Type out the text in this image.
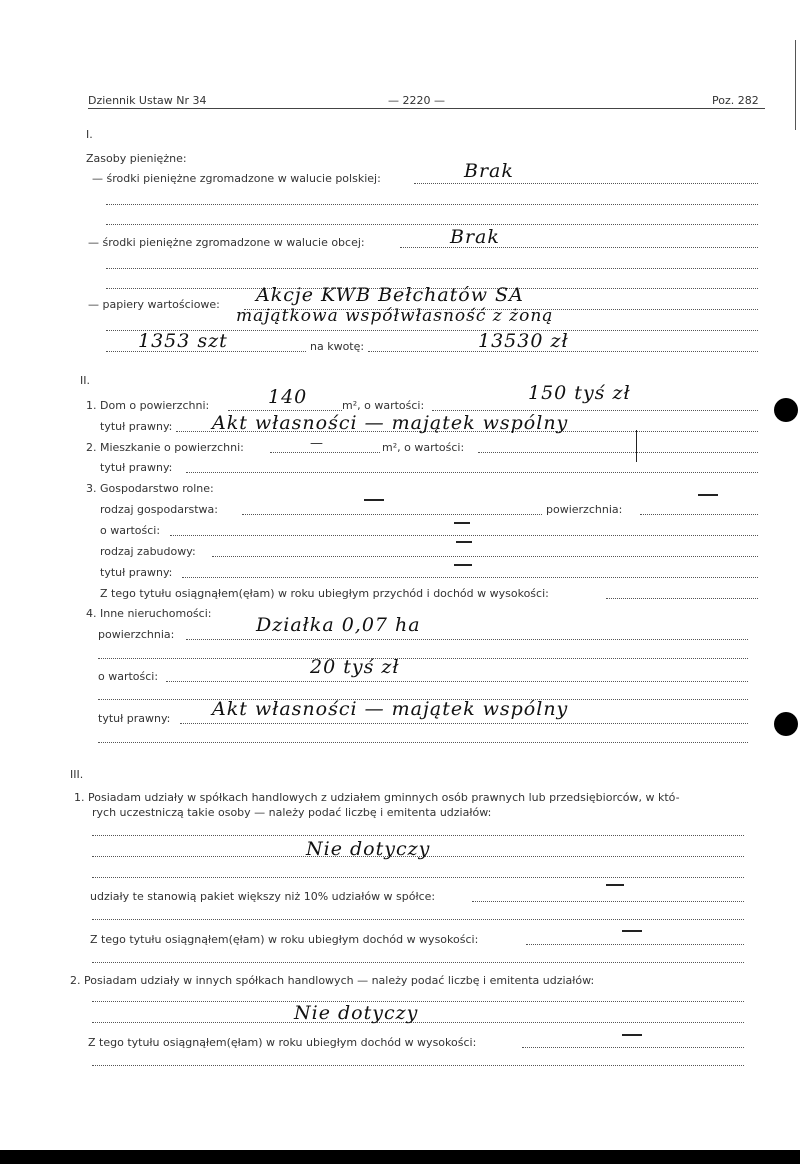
Dziennik Ustaw Nr 34	— 2220 —	Poz. 282
I.
Zasoby pieniężne:
— środki pieniężne zgromadzone w walucie polskiej:	Brak
— środki pieniężne zgromadzone w walucie obcej:	Brak
— papiery wartościowe: Akcje KWB Bełchatów SA
majątkowa współwłasność z żoną
1353 szt	na kwotę:	13530 zł
II.
1. Dom o powierzchni:	140	m², o wartości:
150 tyś zł
tytuł prawny: Akt własności — majątek wspólny
2. Mieszkanie o powierzchni:	—	m², o wartości:
tytuł prawny:
3. Gospodarstwo rolne:
rodzaj gospodarstwa:	powierzchnia:
o wartości:
rodzaj zabudowy:
tytuł prawny:
Z tego tytułu osiągnąłem(ęłam) w roku ubiegłym przychód i dochód w wysokości:
4. Inne nieruchomości:
powierzchnia:	Działka 0,07 ha
o wartości:	20 tyś zł
tytuł prawny: Akt własności — majątek wspólny
III.
1. Posiadam udziały w spółkach handlowych z udziałem gminnych osób prawnych lub przedsiębiorców, w któ-
rych uczestniczą takie osoby — należy podać liczbę i emitenta udziałów:
Nie dotyczy
udziały te stanowią pakiet większy niż 10% udziałów w spółce:
Z tego tytułu osiągnąłem(ęłam) w roku ubiegłym dochód w wysokości:
2. Posiadam udziały w innych spółkach handlowych — należy podać liczbę i emitenta udziałów:
Nie dotyczy
Z tego tytułu osiągnąłem(ęłam) w roku ubiegłym dochód w wysokości:
